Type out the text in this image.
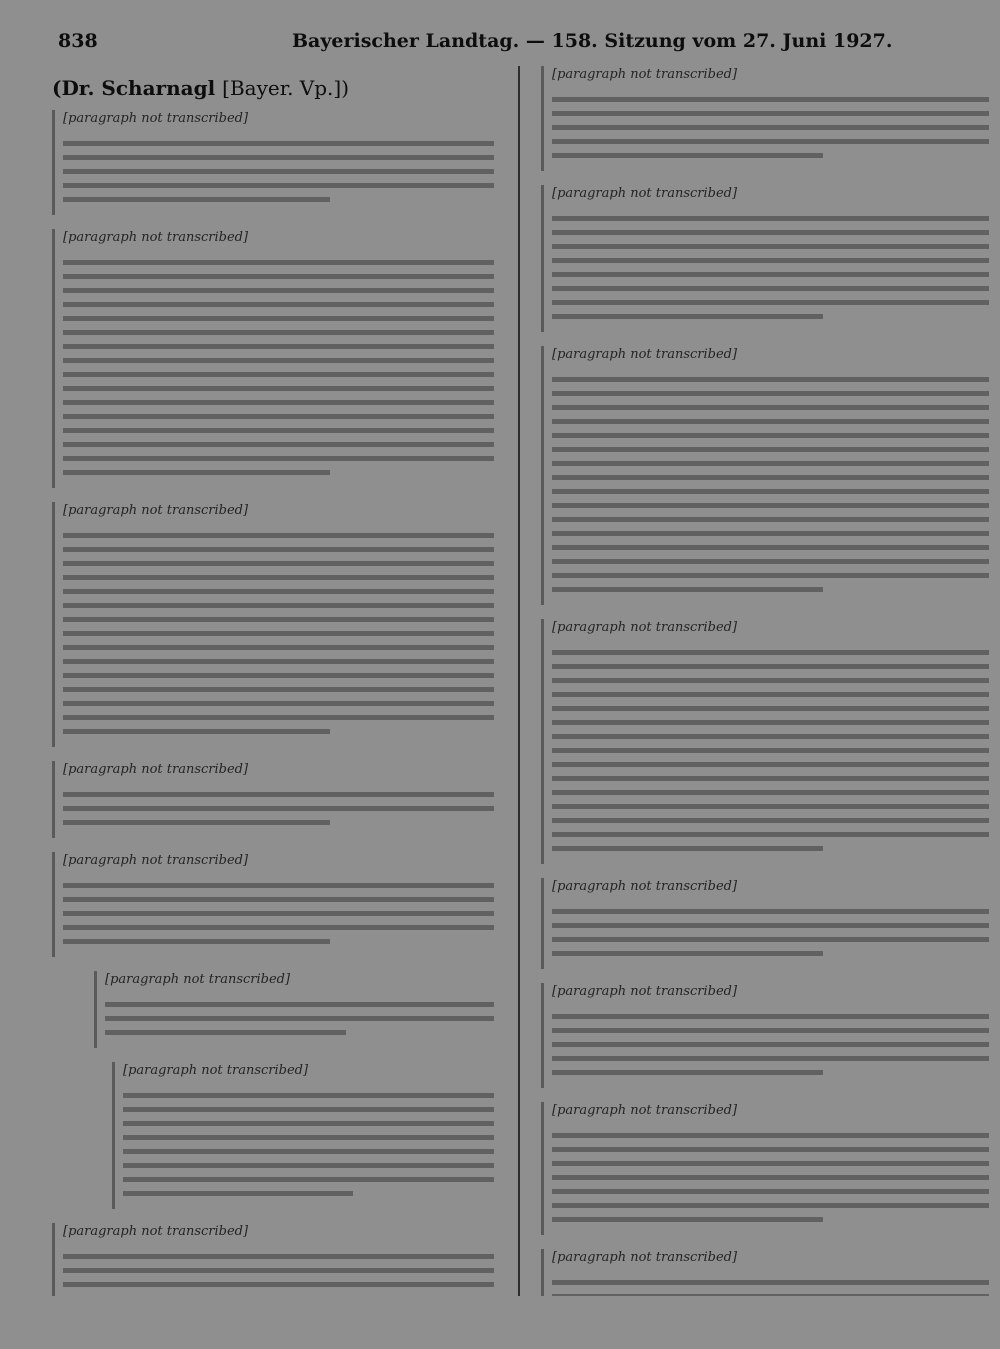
838	Bayerischer Landtag. — 158. Sitzung vom 27. Juni 1927.
(Dr. Scharnagl [Bayer. Vp.])
[paragraph not transcribed]
[paragraph not transcribed]
[paragraph not transcribed]
[paragraph not transcribed]
[paragraph not transcribed]
[paragraph not transcribed]
[paragraph not transcribed]
[paragraph not transcribed]
[paragraph not transcribed]
[paragraph not transcribed]
[paragraph not transcribed]
[paragraph not transcribed]
[paragraph not transcribed]
[paragraph not transcribed]
[paragraph not transcribed]
[paragraph not transcribed]
